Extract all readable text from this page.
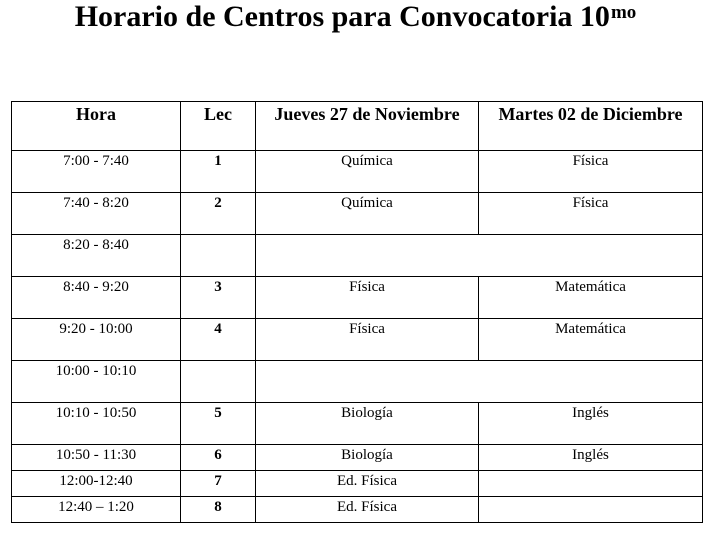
Horario de Centros para Convocatoria $10^{mo}$
Hora	Lec	Jueves 27 de Noviembre	Martes 02 de Diciembre
7:00 - 7:40	1	Química	Física
7:40 - 8:20	2	Química	Física
8:20 - 8:40			
8:40 - 9:20	3	Física	Matemática
9:20 - 10:00	4	Física	Matemática
10:00 - 10:10			
10:10 - 10:50	5	Biología	Inglés
10:50 - 11:30	6	Biología	Inglés
12:00-12:40	7	Ed. Física	
12:40 – 1:20	8	Ed. Física	
